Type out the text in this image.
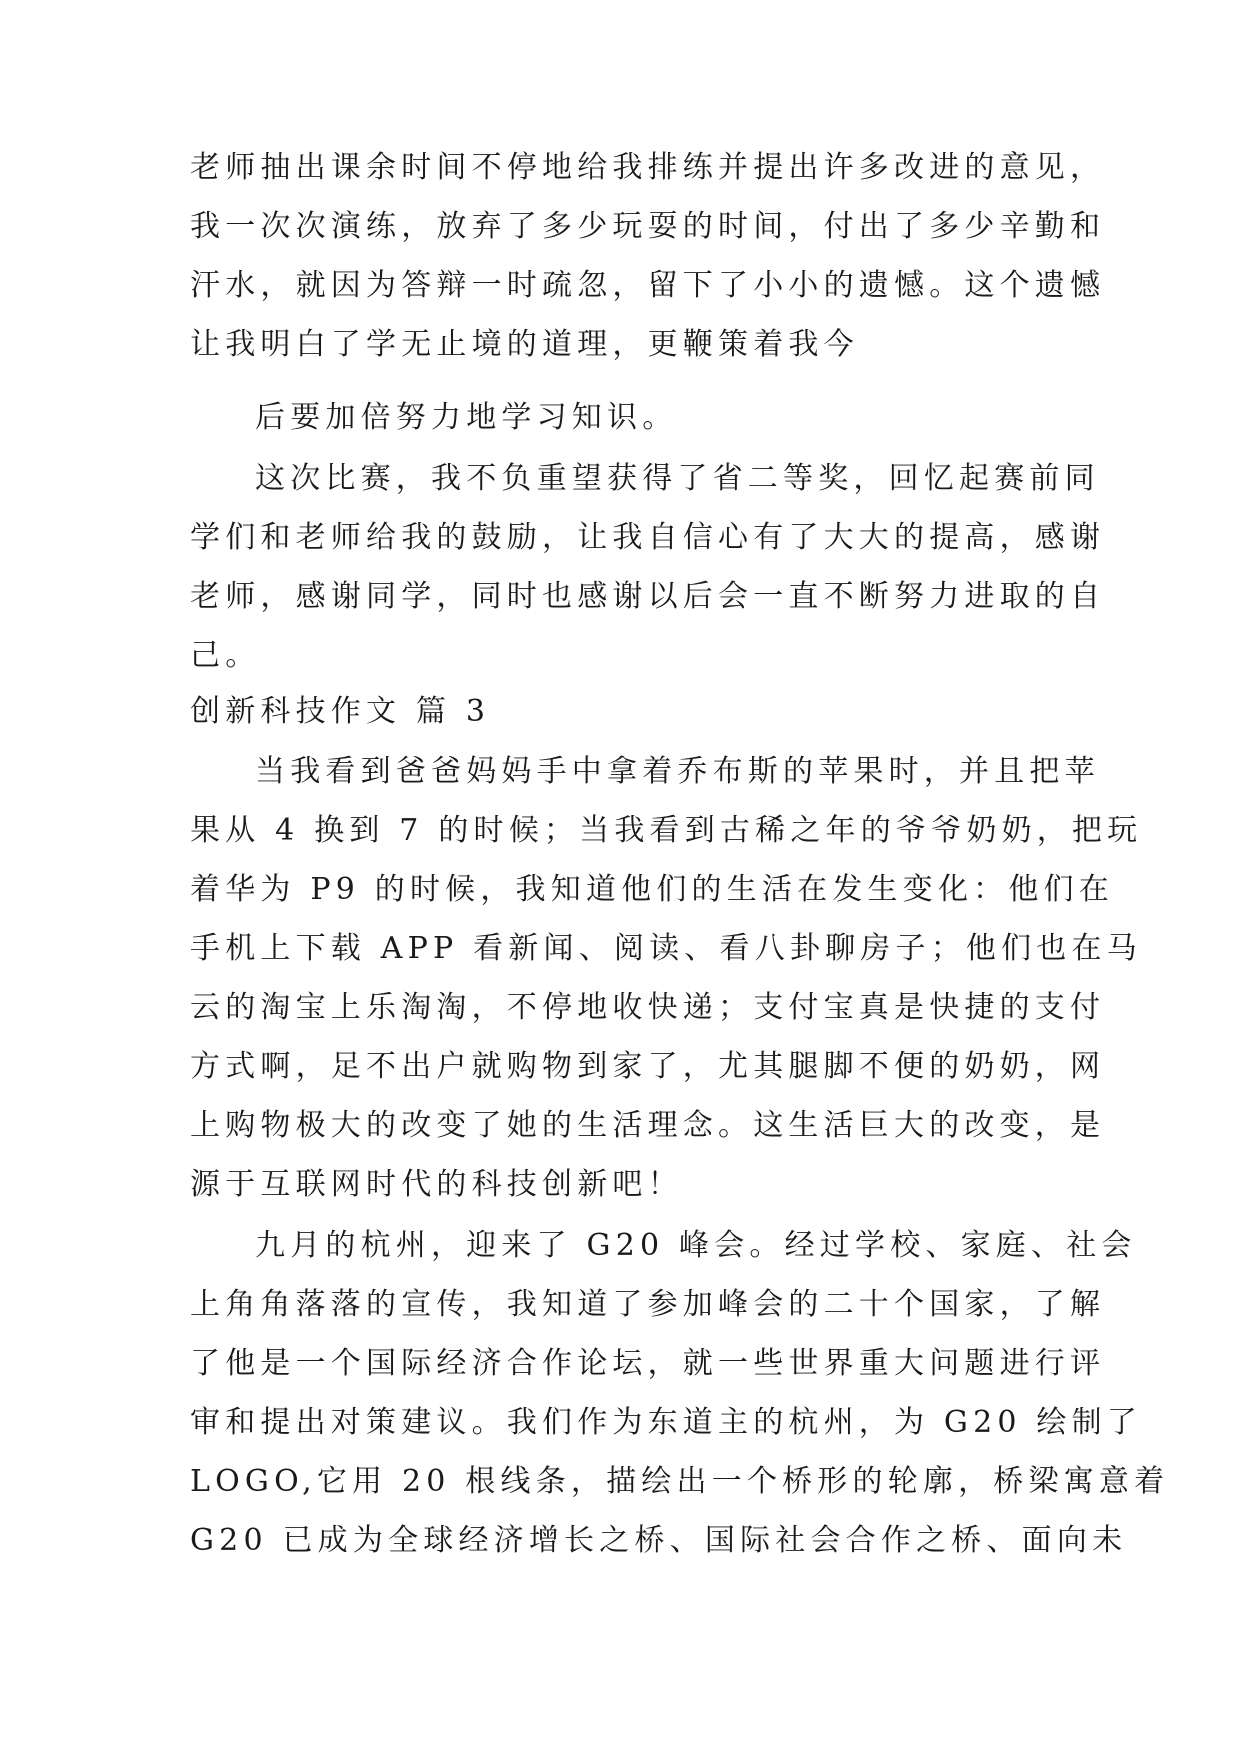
老师抽出课余时间不停地给我排练并提出许多改进的意见，
我一次次演练，放弃了多少玩耍的时间，付出了多少辛勤和
汗水，就因为答辩一时疏忽，留下了小小的遗憾。这个遗憾
让我明白了学无止境的道理，更鞭策着我今
后要加倍努力地学习知识。
这次比赛，我不负重望获得了省二等奖，回忆起赛前同
学们和老师给我的鼓励，让我自信心有了大大的提高，感谢
老师，感谢同学，同时也感谢以后会一直不断努力进取的自
己。
创新科技作文 篇 3
当我看到爸爸妈妈手中拿着乔布斯的苹果时，并且把苹
果从 4 换到 7 的时候；当我看到古稀之年的爷爷奶奶，把玩
着华为 P9 的时候，我知道他们的生活在发生变化：他们在
手机上下载 APP 看新闻、阅读、看八卦聊房子；他们也在马
云的淘宝上乐淘淘，不停地收快递；支付宝真是快捷的支付
方式啊，足不出户就购物到家了，尤其腿脚不便的奶奶，网
上购物极大的改变了她的生活理念。这生活巨大的改变，是
源于互联网时代的科技创新吧！
九月的杭州，迎来了 G20 峰会。经过学校、家庭、社会
上角角落落的宣传，我知道了参加峰会的二十个国家，了解
了他是一个国际经济合作论坛，就一些世界重大问题进行评
审和提出对策建议。我们作为东道主的杭州，为 G20 绘制了
LOGO,它用 20 根线条，描绘出一个桥形的轮廓，桥梁寓意着
G20 已成为全球经济增长之桥、国际社会合作之桥、面向未
